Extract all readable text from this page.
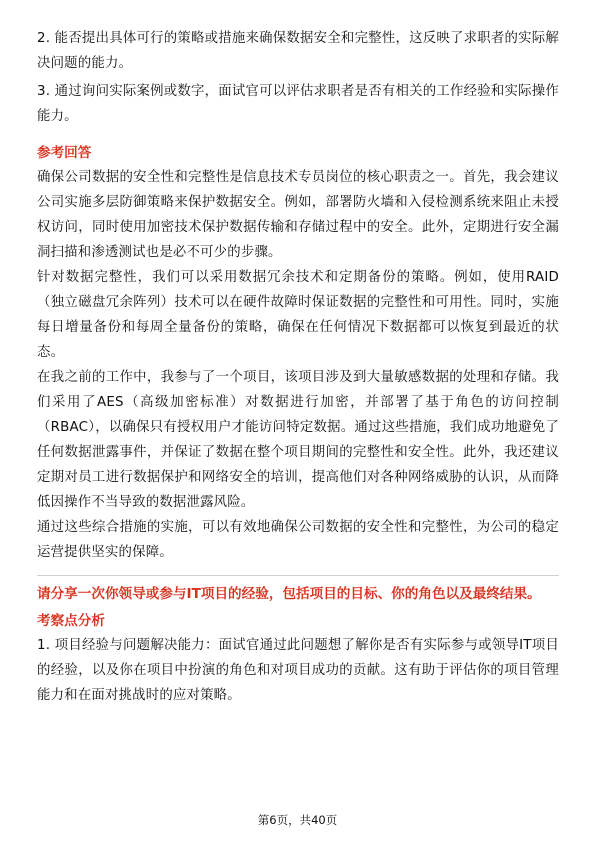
2. 能否提出具体可行的策略或措施来确保数据安全和完整性，这反映了求职者的实际解决问题的能力。
3. 通过询问实际案例或数字，面试官可以评估求职者是否有相关的工作经验和实际操作能力。
参考回答
确保公司数据的安全性和完整性是信息技术专员岗位的核心职责之一。首先，我会建议公司实施多层防御策略来保护数据安全。例如，部署防火墙和入侵检测系统来阻止未授权访问，同时使用加密技术保护数据传输和存储过程中的安全。此外，定期进行安全漏洞扫描和渗透测试也是必不可少的步骤。
针对数据完整性，我们可以采用数据冗余技术和定期备份的策略。例如，使用RAID（独立磁盘冗余阵列）技术可以在硬件故障时保证数据的完整性和可用性。同时，实施每日增量备份和每周全量备份的策略，确保在任何情况下数据都可以恢复到最近的状态。
在我之前的工作中，我参与了一个项目，该项目涉及到大量敏感数据的处理和存储。我们采用了AES（高级加密标准）对数据进行加密，并部署了基于角色的访问控制（RBAC），以确保只有授权用户才能访问特定数据。通过这些措施，我们成功地避免了任何数据泄露事件，并保证了数据在整个项目期间的完整性和安全性。此外，我还建议定期对员工进行数据保护和网络安全的培训，提高他们对各种网络威胁的认识，从而降低因操作不当导致的数据泄露风险。
通过这些综合措施的实施，可以有效地确保公司数据的安全性和完整性，为公司的稳定运营提供坚实的保障。
请分享一次你领导或参与IT项目的经验，包括项目的目标、你的角色以及最终结果。
考察点分析
1. 项目经验与问题解决能力：面试官通过此问题想了解你是否有实际参与或领导IT项目的经验，以及你在项目中扮演的角色和对项目成功的贡献。这有助于评估你的项目管理能力和在面对挑战时的应对策略。
第6页，共40页
